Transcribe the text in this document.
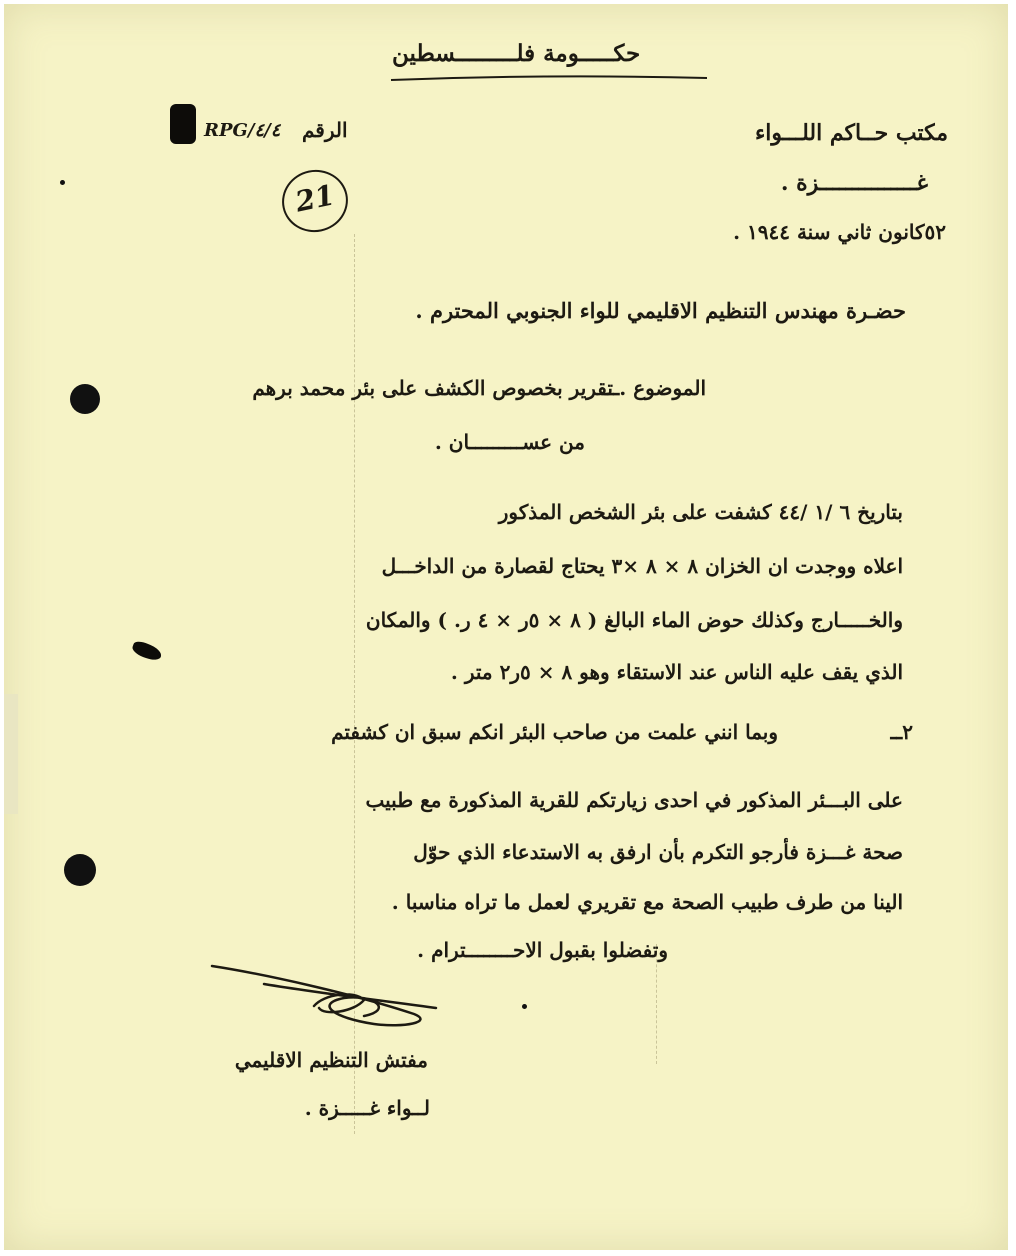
حكـــــومة فلـــــــــسطين
RPG/٤/٤ الرقم
21
مكتب حــاكم اللـــواء
غـــــــــــــــزة .
٥٢كانون ثاني سنة ١٩٤٤ .
حضـرة مهندس التنظيم الاقليمي للواء الجنوبي المحترم .
الموضوع .ـــ
تقرير بخصوص الكشف على بئر محمد برهم
من عســـــــــان .
بتاريخ ٦ /١ /٤٤ كشفت على بئر الشخص المذكور
اعلاه ووجدت ان الخزان ٨ × ٨ ×٣ يحتاج لقصارة من الداخـــل
والخـــــارج وكذلك حوض الماء البالغ ( ٨ × ٥ر × ٤ ر. ) والمكان
الذي يقف عليه الناس عند الاستقاء وهو ٨ × ٥ر٢ متر .
٢ــ
وبما انني علمت من صاحب البئر انكم سبق ان كشفتم
على البـــئر المذكور في احدى زيارتكم للقرية المذكورة مع طبيب
صحة غـــزة فأرجو التكرم بأن ارفق به الاستدعاء الذي حوّل
الينا من طرف طبيب الصحة مع تقريري لعمل ما تراه مناسبا .
وتفضلوا بقبول الاحــــــــترام .
مفتش التنظيم الاقليمي
لــواء غـــــزة .
